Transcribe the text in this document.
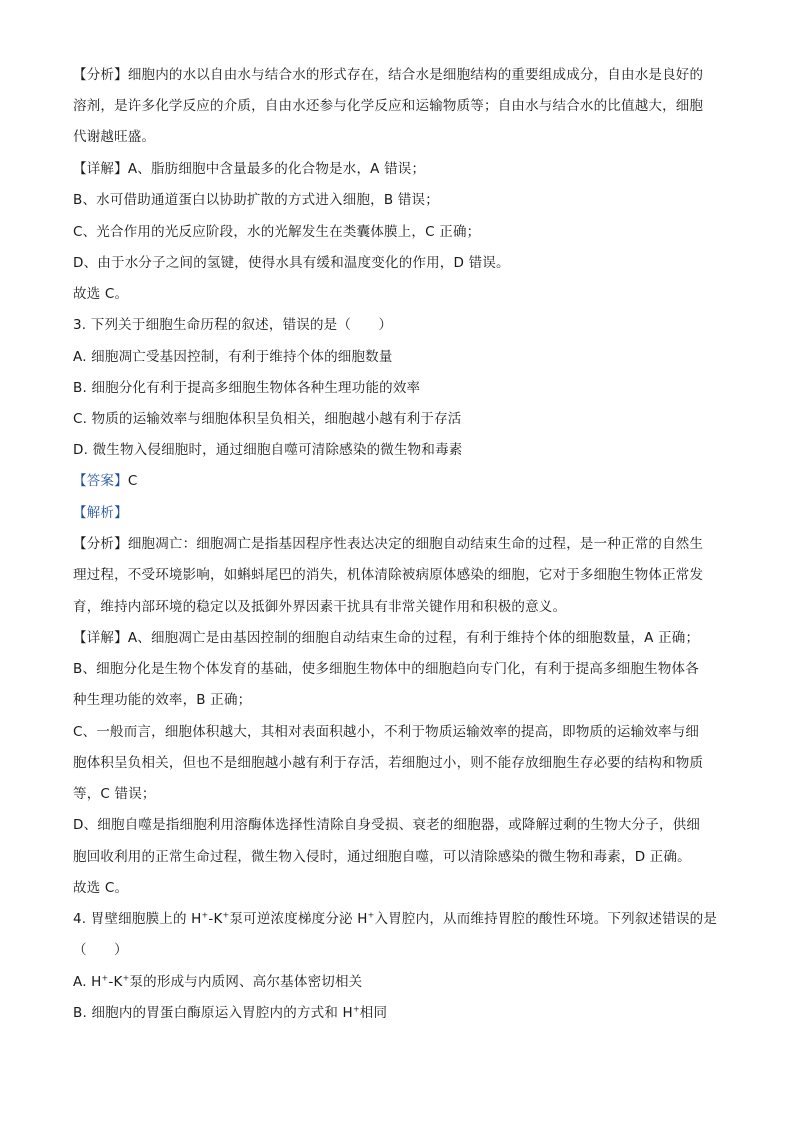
【分析】细胞内的水以自由水与结合水的形式存在，结合水是细胞结构的重要组成成分，自由水是良好的
溶剂，是许多化学反应的介质，自由水还参与化学反应和运输物质等；自由水与结合水的比值越大，细胞
代谢越旺盛。
【详解】A、脂肪细胞中含量最多的化合物是水，A 错误；
B、水可借助通道蛋白以协助扩散的方式进入细胞，B 错误；
C、光合作用的光反应阶段，水的光解发生在类囊体膜上，C 正确；
D、由于水分子之间的氢键，使得水具有缓和温度变化的作用，D 错误。
故选 C。
3. 下列关于细胞生命历程的叙述，错误的是（　　）
A. 细胞凋亡受基因控制，有利于维持个体的细胞数量
B. 细胞分化有利于提高多细胞生物体各种生理功能的效率
C. 物质的运输效率与细胞体积呈负相关，细胞越小越有利于存活
D. 微生物入侵细胞时，通过细胞自噬可清除感染的微生物和毒素
【答案】C
【解析】
【分析】细胞凋亡：细胞凋亡是指基因程序性表达决定的细胞自动结束生命的过程，是一种正常的自然生
理过程，不受环境影响，如蝌蚪尾巴的消失，机体清除被病原体感染的细胞，它对于多细胞生物体正常发
育，维持内部环境的稳定以及抵御外界因素干扰具有非常关键作用和积极的意义。
【详解】A、细胞凋亡是由基因控制的细胞自动结束生命的过程，有利于维持个体的细胞数量，A 正确；
B、细胞分化是生物个体发育的基础，使多细胞生物体中的细胞趋向专门化，有利于提高多细胞生物体各
种生理功能的效率，B 正确；
C、一般而言，细胞体积越大，其相对表面积越小，不利于物质运输效率的提高，即物质的运输效率与细
胞体积呈负相关，但也不是细胞越小越有利于存活，若细胞过小，则不能存放细胞生存必要的结构和物质
等，C 错误；
D、细胞自噬是指细胞利用溶酶体选择性清除自身受损、衰老的细胞器，或降解过剩的生物大分子，供细
胞回收利用的正常生命过程，微生物入侵时，通过细胞自噬，可以清除感染的微生物和毒素，D 正确。
故选 C。
4. 胃壁细胞膜上的 H+-K+泵可逆浓度梯度分泌 H+入胃腔内，从而维持胃腔的酸性环境。下列叙述错误的是
（　　）
A. H+-K+泵的形成与内质网、高尔基体密切相关
B. 细胞内的胃蛋白酶原运入胃腔内的方式和 H+相同
